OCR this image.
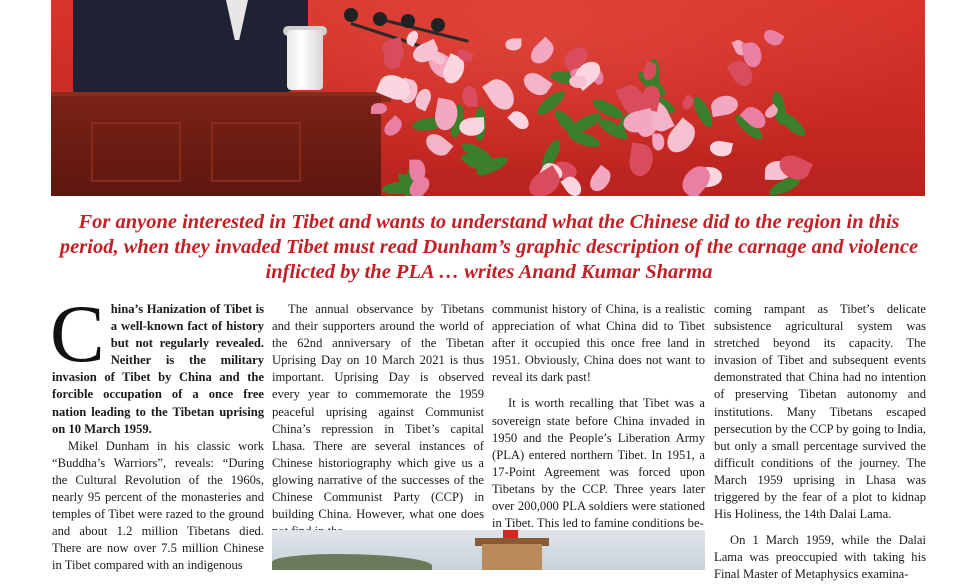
For anyone interested in Tibet and wants to understand what the Chinese did to the region in this period, when they invaded Tibet must read Dunham’s graphic description of the carnage and violence inflicted by the PLA … writes Anand Kumar Sharma

China’s Hanization of Tibet is a well-known fact of history but not regularly revealed. Neither is the military invasion of Tibet by China and the forcible occupation of a once free nation leading to the Tibetan uprising on 10 March 1959.

Mikel Dunham in his classic work “Buddha’s Warriors”, reveals: “During the Cultural Revolution of the 1960s, nearly 95 percent of the monasteries and temples of Tibet were razed to the ground and about 1.2 million Tibetans died. There are now over 7.5 million Chinese in Tibet compared with an indigenous

The annual observance by Tibetans and their supporters around the world of the 62nd anniversary of the Tibetan Uprising Day on 10 March 2021 is thus important. Uprising Day is observed every year to commemorate the 1959 peaceful uprising against Communist China’s repression in Tibet’s capital Lhasa. There are several instances of Chinese historiography which give us a glowing narrative of the successes of the Chinese Communist Party (CCP) in building China. However, what one does

communist history of China, is a realistic appreciation of what China did to Tibet after it occupied this once free land in 1951. Obviously, China does not want to reveal its dark past!

It is worth recalling that Tibet was a sovereign state before China invaded in 1950 and the People’s Liberation Army (PLA) entered northern Tibet. In 1951, a 17-Point Agreement was forced upon Tibetans by the CCP. Three years later over 200,000 PLA soldiers were stationed in Tibet. This led to famine conditions be-

coming rampant as Tibet’s delicate subsistence agricultural system was stretched beyond its capacity. The invasion of Tibet and subsequent events demonstrated that China had no intention of preserving Tibetan autonomy and institutions. Many Tibetans escaped persecution by the CCP by going to India, but only a small percentage survived the difficult conditions of the journey. The March 1959 uprising in Lhasa was triggered by the fear of a plot to kidnap His Holiness, the 14th Dalai Lama.

On 1 March 1959, while the Dalai Lama was preoccupied with taking his Final Master of Metaphysics examina-
